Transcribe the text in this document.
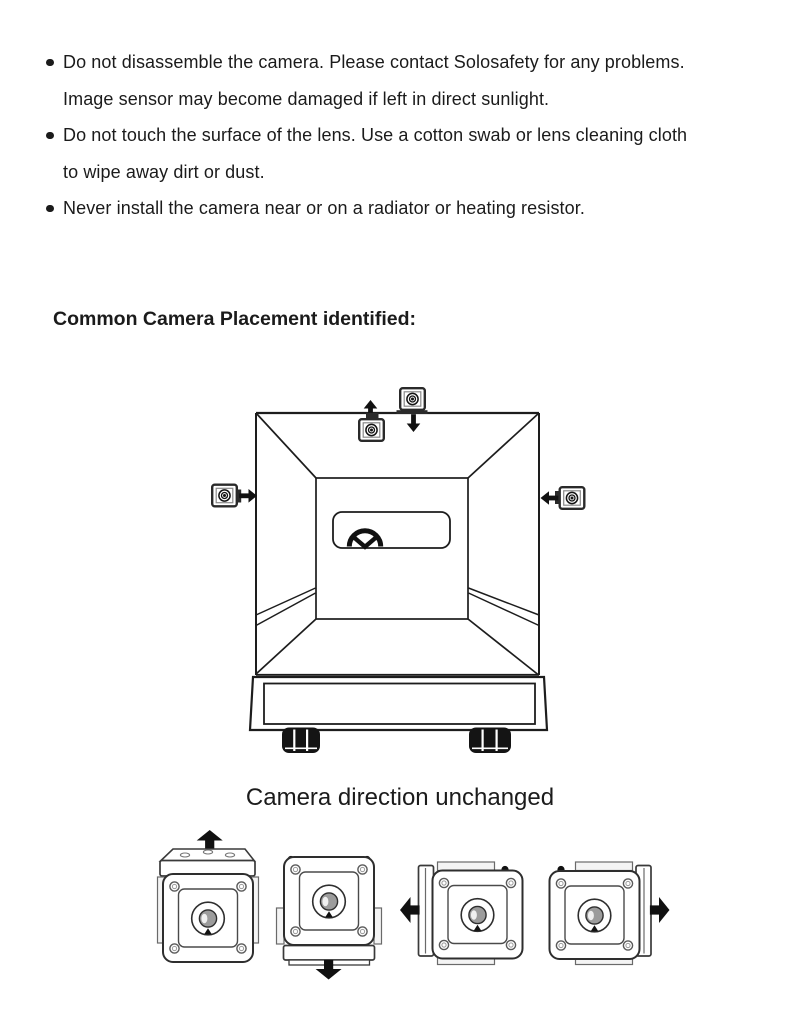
Do not disassemble the camera. Please contact Solosafety for any problems.
Image sensor may become damaged if left in direct sunlight.
Do not touch the surface of the lens. Use a cotton swab or lens cleaning cloth
to wipe away dirt or dust.
Never install the camera near or on a radiator or heating resistor.
Common Camera Placement identified:
Camera direction unchanged
